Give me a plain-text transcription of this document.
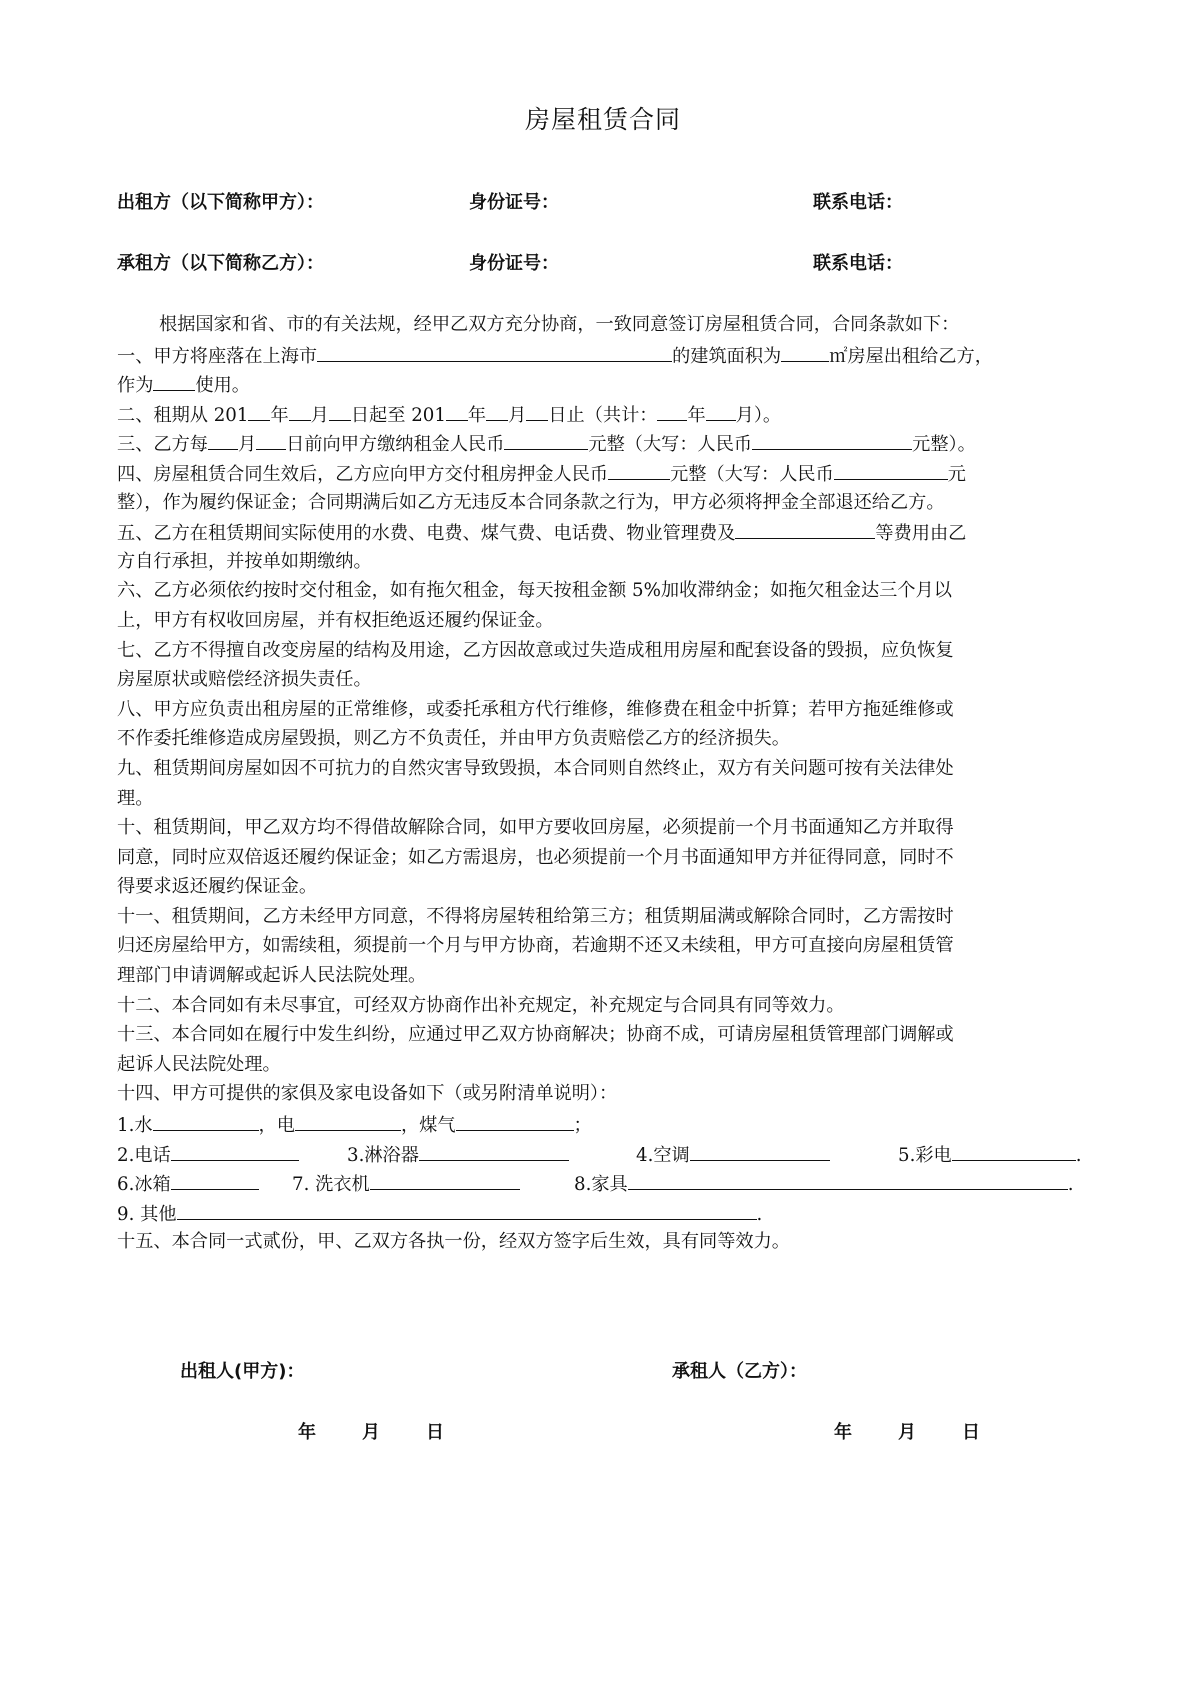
房屋租赁合同
出租方（以下简称甲方）：	身份证号：	联系电话：
承租方（以下简称乙方）：	身份证号：	联系电话：
根据国家和省、市的有关法规，经甲乙双方充分协商，一致同意签订房屋租赁合同，合同条款如下：
一、甲方将座落在上海市	的建筑面积为	㎡房屋出租给乙方，
作为 使用。
二、租期从 201 年 月 日起至 201 年 月 日止（共计： 年 月）。
三、乙方每 月 日前向甲方缴纳租金人民币	元整（大写：人民币	元整）。
四、房屋租赁合同生效后，乙方应向甲方交付租房押金人民币	元整（大写：人民币	元
整），作为履约保证金；合同期满后如乙方无违反本合同条款之行为，甲方必须将押金全部退还给乙方。
五、乙方在租赁期间实际使用的水费、电费、煤气费、电话费、物业管理费及	等费用由乙
方自行承担，并按单如期缴纳。
六、乙方必须依约按时交付租金，如有拖欠租金，每天按租金额 5%加收滞纳金；如拖欠租金达三个月以
上，甲方有权收回房屋，并有权拒绝返还履约保证金。
七、乙方不得擅自改变房屋的结构及用途，乙方因故意或过失造成租用房屋和配套设备的毁损，应负恢复
房屋原状或赔偿经济损失责任。
八、甲方应负责出租房屋的正常维修，或委托承租方代行维修，维修费在租金中折算；若甲方拖延维修或
不作委托维修造成房屋毁损，则乙方不负责任，并由甲方负责赔偿乙方的经济损失。
九、租赁期间房屋如因不可抗力的自然灾害导致毁损，本合同则自然终止，双方有关问题可按有关法律处
理。
十、租赁期间，甲乙双方均不得借故解除合同，如甲方要收回房屋，必须提前一个月书面通知乙方并取得
同意，同时应双倍返还履约保证金；如乙方需退房，也必须提前一个月书面通知甲方并征得同意，同时不
得要求返还履约保证金。
十一、租赁期间，乙方未经甲方同意，不得将房屋转租给第三方；租赁期届满或解除合同时，乙方需按时
归还房屋给甲方，如需续租，须提前一个月与甲方协商，若逾期不还又未续租，甲方可直接向房屋租赁管
理部门申请调解或起诉人民法院处理。
十二、本合同如有未尽事宜，可经双方协商作出补充规定，补充规定与合同具有同等效力。
十三、本合同如在履行中发生纠纷，应通过甲乙双方协商解决；协商不成，可请房屋租赁管理部门调解或
起诉人民法院处理。
十四、甲方可提供的家俱及家电设备如下（或另附清单说明）：
1.水	，电	，煤气	；
2.电话	3.淋浴器	4.空调	5.彩电	.
6.冰箱	7. 洗衣机	8.家具	.
9. 其他	.
十五、本合同一式贰份，甲、乙双方各执一份，经双方签字后生效，具有同等效力。
出租人(甲方)：	承租人（乙方）：
年	月	日	年	月	日
